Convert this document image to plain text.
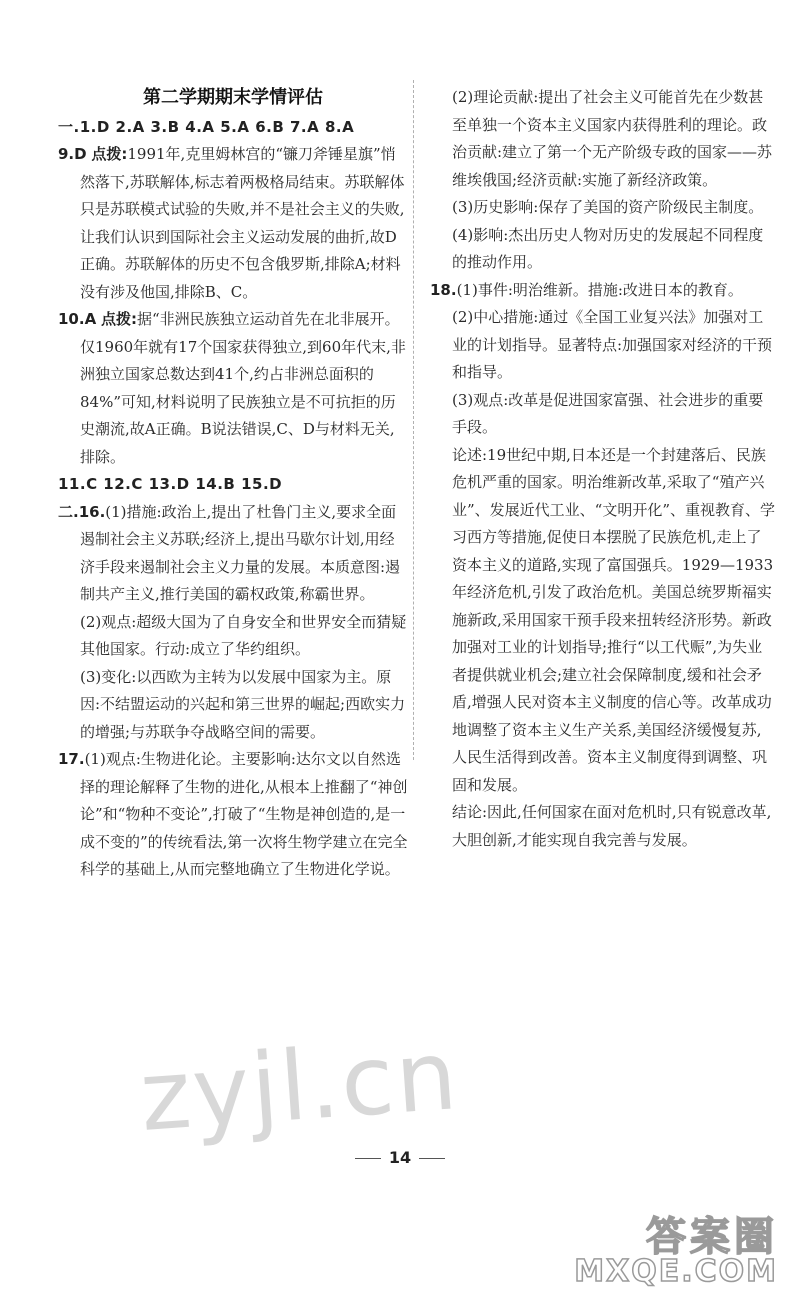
第二学期期末学情评估
一.1.D 2.A 3.B 4.A 5.A 6.B 7.A 8.A
9.D 点拨:1991年,克里姆林宫的“镰刀斧锤星旗”悄然落下,苏联解体,标志着两极格局结束。苏联解体只是苏联模式试验的失败,并不是社会主义的失败,让我们认识到国际社会主义运动发展的曲折,故D正确。苏联解体的历史不包含俄罗斯,排除A;材料没有涉及他国,排除B、C。
10.A 点拨:据“非洲民族独立运动首先在北非展开。仅1960年就有17个国家获得独立,到60年代末,非洲独立国家总数达到41个,约占非洲总面积的84%”可知,材料说明了民族独立是不可抗拒的历史潮流,故A正确。B说法错误,C、D与材料无关,排除。
11.C 12.C 13.D 14.B 15.D
二.16.(1)措施:政治上,提出了杜鲁门主义,要求全面遏制社会主义苏联;经济上,提出马歇尔计划,用经济手段来遏制社会主义力量的发展。本质意图:遏制共产主义,推行美国的霸权政策,称霸世界。
(2)观点:超级大国为了自身安全和世界安全而猜疑其他国家。行动:成立了华约组织。
(3)变化:以西欧为主转为以发展中国家为主。原因:不结盟运动的兴起和第三世界的崛起;西欧实力的增强;与苏联争夺战略空间的需要。
17.(1)观点:生物进化论。主要影响:达尔文以自然选择的理论解释了生物的进化,从根本上推翻了“神创论”和“物种不变论”,打破了“生物是神创造的,是一成不变的”的传统看法,第一次将生物学建立在完全科学的基础上,从而完整地确立了生物进化学说。
(2)理论贡献:提出了社会主义可能首先在少数甚至单独一个资本主义国家内获得胜利的理论。政治贡献:建立了第一个无产阶级专政的国家——苏维埃俄国;经济贡献:实施了新经济政策。
(3)历史影响:保存了美国的资产阶级民主制度。
(4)影响:杰出历史人物对历史的发展起不同程度的推动作用。
18.(1)事件:明治维新。措施:改进日本的教育。
(2)中心措施:通过《全国工业复兴法》加强对工业的计划指导。显著特点:加强国家对经济的干预和指导。
(3)观点:改革是促进国家富强、社会进步的重要手段。
论述:19世纪中期,日本还是一个封建落后、民族危机严重的国家。明治维新改革,采取了“殖产兴业”、发展近代工业、“文明开化”、重视教育、学习西方等措施,促使日本摆脱了民族危机,走上了资本主义的道路,实现了富国强兵。1929—1933年经济危机,引发了政治危机。美国总统罗斯福实施新政,采用国家干预手段来扭转经济形势。新政加强对工业的计划指导;推行“以工代赈”,为失业者提供就业机会;建立社会保障制度,缓和社会矛盾,增强人民对资本主义制度的信心等。改革成功地调整了资本主义生产关系,美国经济缓慢复苏,人民生活得到改善。资本主义制度得到调整、巩固和发展。
结论:因此,任何国家在面对危机时,只有锐意改革,大胆创新,才能实现自我完善与发展。
zyjl.cn
14
答案圈
MXQE.COM
